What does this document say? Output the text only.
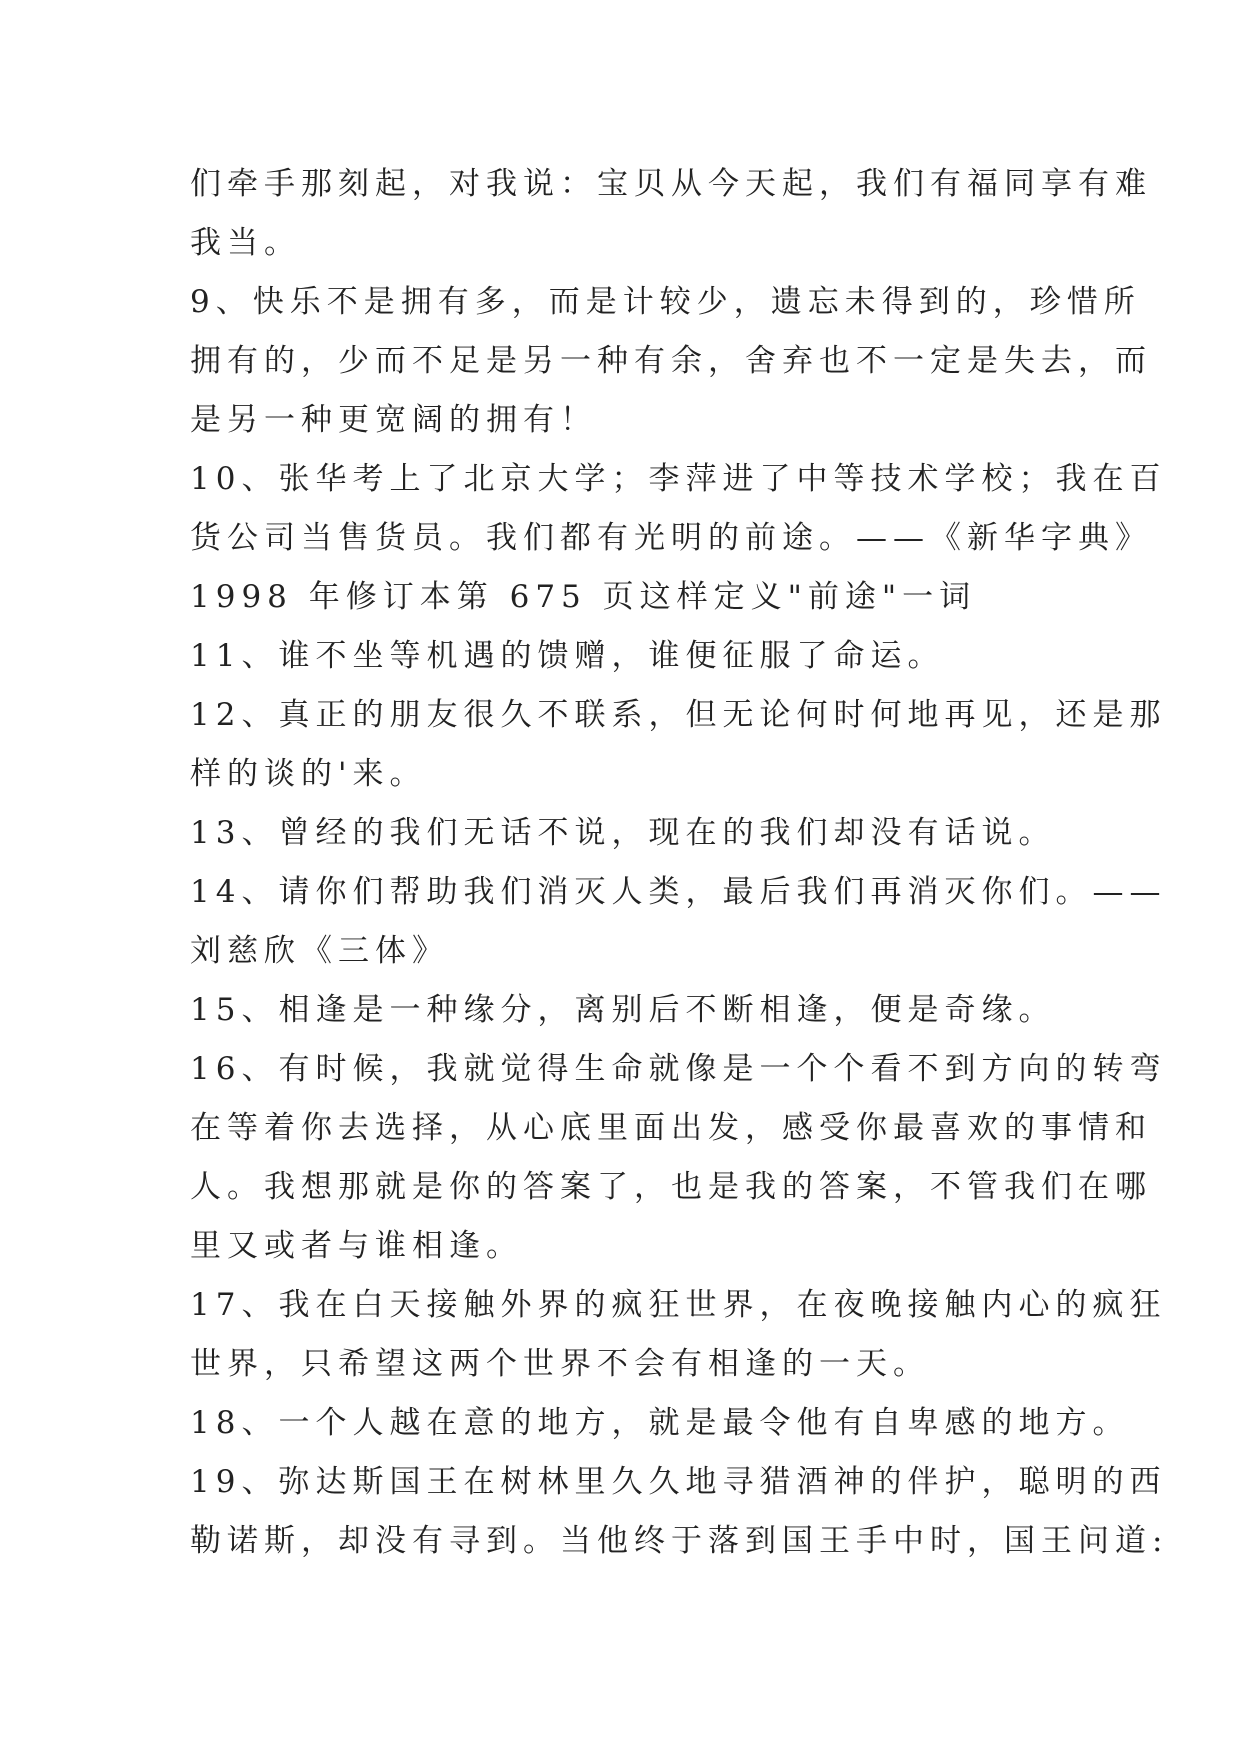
们牵手那刻起，对我说：宝贝从今天起，我们有福同享有难
我当。
9、快乐不是拥有多，而是计较少，遗忘未得到的，珍惜所
拥有的，少而不足是另一种有余，舍弃也不一定是失去，而
是另一种更宽阔的拥有！
10、张华考上了北京大学；李萍进了中等技术学校；我在百
货公司当售货员。我们都有光明的前途。——《新华字典》
1998 年修订本第 675 页这样定义"前途"一词
11、谁不坐等机遇的馈赠，谁便征服了命运。
12、真正的朋友很久不联系，但无论何时何地再见，还是那
样的谈的'来。
13、曾经的我们无话不说，现在的我们却没有话说。
14、请你们帮助我们消灭人类，最后我们再消灭你们。——
刘慈欣《三体》
15、相逢是一种缘分，离别后不断相逢，便是奇缘。
16、有时候，我就觉得生命就像是一个个看不到方向的转弯
在等着你去选择，从心底里面出发，感受你最喜欢的事情和
人。我想那就是你的答案了，也是我的答案，不管我们在哪
里又或者与谁相逢。
17、我在白天接触外界的疯狂世界，在夜晚接触内心的疯狂
世界，只希望这两个世界不会有相逢的一天。
18、一个人越在意的地方，就是最令他有自卑感的地方。
19、弥达斯国王在树林里久久地寻猎酒神的伴护，聪明的西
勒诺斯，却没有寻到。当他终于落到国王手中时，国王问道:
